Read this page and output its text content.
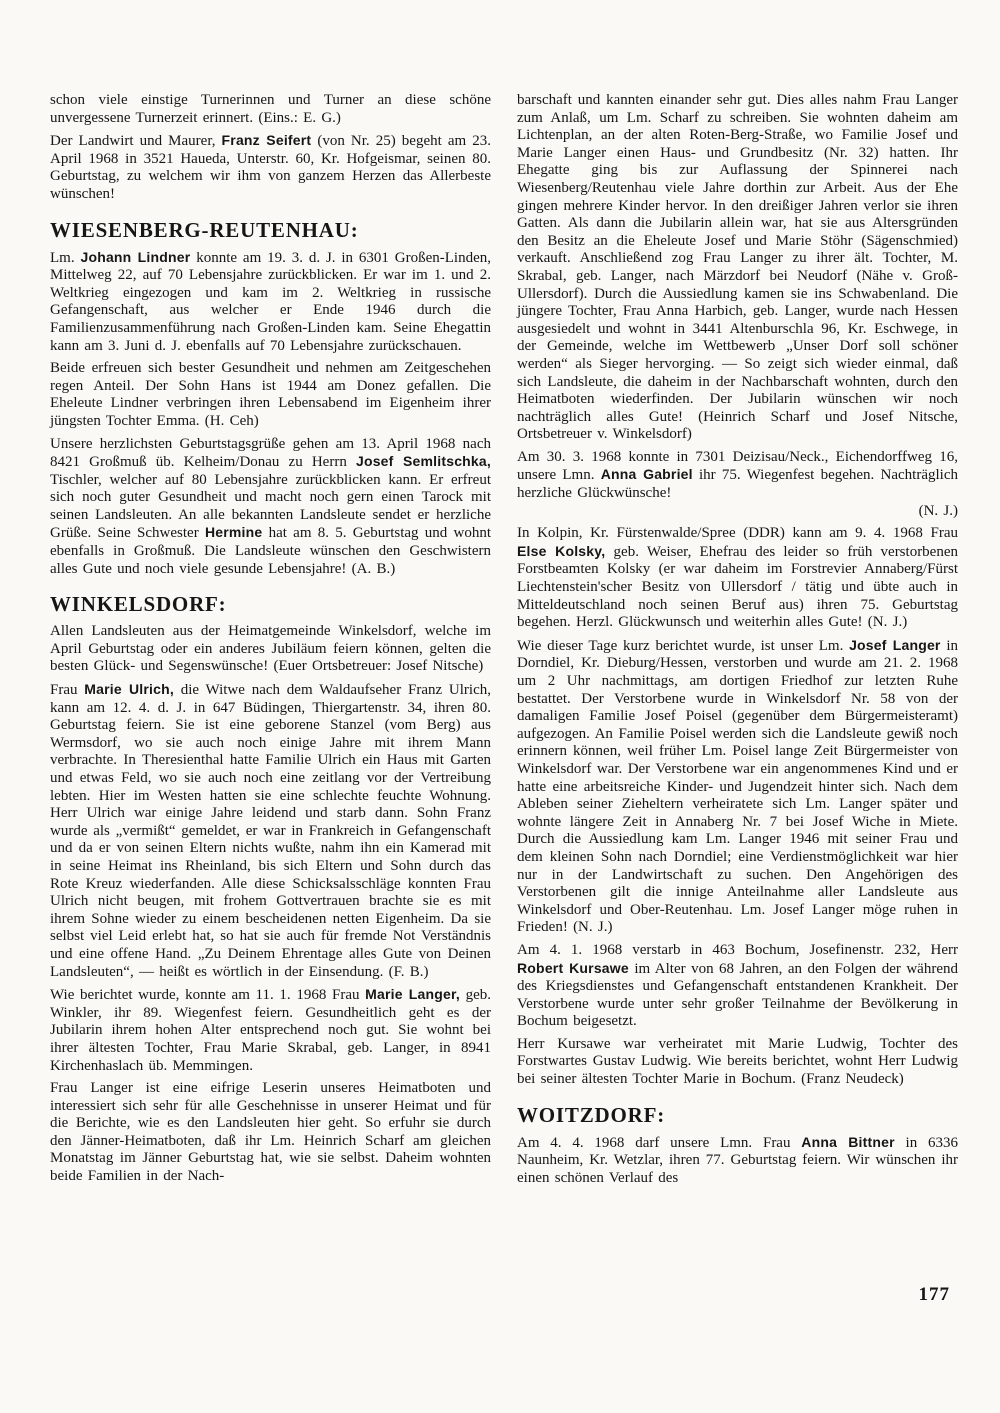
schon viele einstige Turnerinnen und Turner an diese schöne unvergessene Turnerzeit erinnert. (Eins.: E. G.)

Der Landwirt und Maurer, Franz Seifert (von Nr. 25) begeht am 23. April 1968 in 3521 Haueda, Unterstr. 60, Kr. Hofgeismar, seinen 80. Geburtstag, zu welchem wir ihm von ganzem Herzen das Allerbeste wünschen!

WIESENBERG-REUTENHAU:

Lm. Johann Lindner konnte am 19. 3. d. J. in 6301 Großen-Linden, Mittelweg 22, auf 70 Lebensjahre zurückblicken. Er war im 1. und 2. Weltkrieg eingezogen und kam im 2. Weltkrieg in russische Gefangenschaft, aus welcher er Ende 1946 durch die Familienzusammenführung nach Großen-Linden kam. Seine Ehegattin kann am 3. Juni d. J. ebenfalls auf 70 Lebensjahre zurückschauen.

Beide erfreuen sich bester Gesundheit und nehmen am Zeitgeschehen regen Anteil. Der Sohn Hans ist 1944 am Donez gefallen. Die Eheleute Lindner verbringen ihren Lebensabend im Eigenheim ihrer jüngsten Tochter Emma. (H. Ceh)

Unsere herzlichsten Geburtstagsgrüße gehen am 13. April 1968 nach 8421 Großmuß üb. Kelheim/Donau zu Herrn Josef Semlitschka, Tischler, welcher auf 80 Lebensjahre zurückblicken kann. Er erfreut sich noch guter Gesundheit und macht noch gern einen Tarock mit seinen Landsleuten. An alle bekannten Landsleute sendet er herzliche Grüße. Seine Schwester Hermine hat am 8. 5. Geburtstag und wohnt ebenfalls in Großmuß. Die Landsleute wünschen den Geschwistern alles Gute und noch viele gesunde Lebensjahre! (A. B.)

WINKELSDORF:

Allen Landsleuten aus der Heimatgemeinde Winkelsdorf, welche im April Geburtstag oder ein anderes Jubiläum feiern können, gelten die besten Glück- und Segenswünsche! (Euer Ortsbetreuer: Josef Nitsche)

Frau Marie Ulrich, die Witwe nach dem Waldaufseher Franz Ulrich, kann am 12. 4. d. J. in 647 Büdingen, Thiergartenstr. 34, ihren 80. Geburtstag feiern. Sie ist eine geborene Stanzel (vom Berg) aus Wermsdorf, wo sie auch noch einige Jahre mit ihrem Mann verbrachte. In Theresienthal hatte Familie Ulrich ein Haus mit Garten und etwas Feld, wo sie auch noch eine zeitlang vor der Vertreibung lebten. Hier im Westen hatten sie eine schlechte feuchte Wohnung. Herr Ulrich war einige Jahre leidend und starb dann. Sohn Franz wurde als „vermißt“ gemeldet, er war in Frankreich in Gefangenschaft und da er von seinen Eltern nichts wußte, nahm ihn ein Kamerad mit in seine Heimat ins Rheinland, bis sich Eltern und Sohn durch das Rote Kreuz wiederfanden. Alle diese Schicksalsschläge konnten Frau Ulrich nicht beugen, mit frohem Gottvertrauen brachte sie es mit ihrem Sohne wieder zu einem bescheidenen netten Eigenheim. Da sie selbst viel Leid erlebt hat, so hat sie auch für fremde Not Verständnis und eine offene Hand. „Zu Deinem Ehrentage alles Gute von Deinen Landsleuten“, — heißt es wörtlich in der Einsendung. (F. B.)

Wie berichtet wurde, konnte am 11. 1. 1968 Frau Marie Langer, geb. Winkler, ihr 89. Wiegenfest feiern. Gesundheitlich geht es der Jubilarin ihrem hohen Alter entsprechend noch gut. Sie wohnt bei ihrer ältesten Tochter, Frau Marie Skrabal, geb. Langer, in 8941 Kirchenhaslach üb. Memmingen.

Frau Langer ist eine eifrige Leserin unseres Heimatboten und interessiert sich sehr für alle Geschehnisse in unserer Heimat und für die Berichte, wie es den Landsleuten hier geht. So erfuhr sie durch den Jänner-Heimatboten, daß ihr Lm. Heinrich Scharf am gleichen Monatstag im Jänner Geburtstag hat, wie sie selbst. Daheim wohnten beide Familien in der Nach-

barschaft und kannten einander sehr gut. Dies alles nahm Frau Langer zum Anlaß, um Lm. Scharf zu schreiben. Sie wohnten daheim am Lichtenplan, an der alten Roten-Berg-Straße, wo Familie Josef und Marie Langer einen Haus- und Grundbesitz (Nr. 32) hatten. Ihr Ehegatte ging bis zur Auflassung der Spinnerei nach Wiesenberg/Reutenhau viele Jahre dorthin zur Arbeit. Aus der Ehe gingen mehrere Kinder hervor. In den dreißiger Jahren verlor sie ihren Gatten. Als dann die Jubilarin allein war, hat sie aus Altersgründen den Besitz an die Eheleute Josef und Marie Stöhr (Sägenschmied) verkauft. Anschließend zog Frau Langer zu ihrer ält. Tochter, M. Skrabal, geb. Langer, nach Märzdorf bei Neudorf (Nähe v. Groß-Ullersdorf). Durch die Aussiedlung kamen sie ins Schwabenland. Die jüngere Tochter, Frau Anna Harbich, geb. Langer, wurde nach Hessen ausgesiedelt und wohnt in 3441 Altenburschla 96, Kr. Eschwege, in der Gemeinde, welche im Wettbewerb „Unser Dorf soll schöner werden“ als Sieger hervorging. — So zeigt sich wieder einmal, daß sich Landsleute, die daheim in der Nachbarschaft wohnten, durch den Heimatboten wiederfinden. Der Jubilarin wünschen wir noch nachträglich alles Gute! (Heinrich Scharf und Josef Nitsche, Ortsbetreuer v. Winkelsdorf)

Am 30. 3. 1968 konnte in 7301 Deizisau/Neck., Eichendorffweg 16, unsere Lmn. Anna Gabriel ihr 75. Wiegenfest begehen. Nachträglich herzliche Glückwünsche!
(N. J.)

In Kolpin, Kr. Fürstenwalde/Spree (DDR) kann am 9. 4. 1968 Frau Else Kolsky, geb. Weiser, Ehefrau des leider so früh verstorbenen Forstbeamten Kolsky (er war daheim im Forstrevier Annaberg/Fürst Liechtenstein'scher Besitz von Ullersdorf / tätig und übte auch in Mitteldeutschland noch seinen Beruf aus) ihren 75. Geburtstag begehen. Herzl. Glückwunsch und weiterhin alles Gute! (N. J.)

Wie dieser Tage kurz berichtet wurde, ist unser Lm. Josef Langer in Dorndiel, Kr. Dieburg/Hessen, verstorben und wurde am 21. 2. 1968 um 2 Uhr nachmittags, am dortigen Friedhof zur letzten Ruhe bestattet. Der Verstorbene wurde in Winkelsdorf Nr. 58 von der damaligen Familie Josef Poisel (gegenüber dem Bürgermeisteramt) aufgezogen. An Familie Poisel werden sich die Landsleute gewiß noch erinnern können, weil früher Lm. Poisel lange Zeit Bürgermeister von Winkelsdorf war. Der Verstorbene war ein angenommenes Kind und er hatte eine arbeitsreiche Kinder- und Jugendzeit hinter sich. Nach dem Ableben seiner Zieheltern verheiratete sich Lm. Langer später und wohnte längere Zeit in Annaberg Nr. 7 bei Josef Wiche in Miete. Durch die Aussiedlung kam Lm. Langer 1946 mit seiner Frau und dem kleinen Sohn nach Dorndiel; eine Verdienstmöglichkeit war hier nur in der Landwirtschaft zu suchen. Den Angehörigen des Verstorbenen gilt die innige Anteilnahme aller Landsleute aus Winkelsdorf und Ober-Reutenhau. Lm. Josef Langer möge ruhen in Frieden! (N. J.)

Am 4. 1. 1968 verstarb in 463 Bochum, Josefinenstr. 232, Herr Robert Kursawe im Alter von 68 Jahren, an den Folgen der während des Kriegsdienstes und Gefangenschaft entstandenen Krankheit. Der Verstorbene wurde unter sehr großer Teilnahme der Bevölkerung in Bochum beigesetzt.

Herr Kursawe war verheiratet mit Marie Ludwig, Tochter des Forstwartes Gustav Ludwig. Wie bereits berichtet, wohnt Herr Ludwig bei seiner ältesten Tochter Marie in Bochum. (Franz Neudeck)

WOITZDORF:

Am 4. 4. 1968 darf unsere Lmn. Frau Anna Bittner in 6336 Naunheim, Kr. Wetzlar, ihren 77. Geburtstag feiern. Wir wünschen ihr einen schönen Verlauf des

177
